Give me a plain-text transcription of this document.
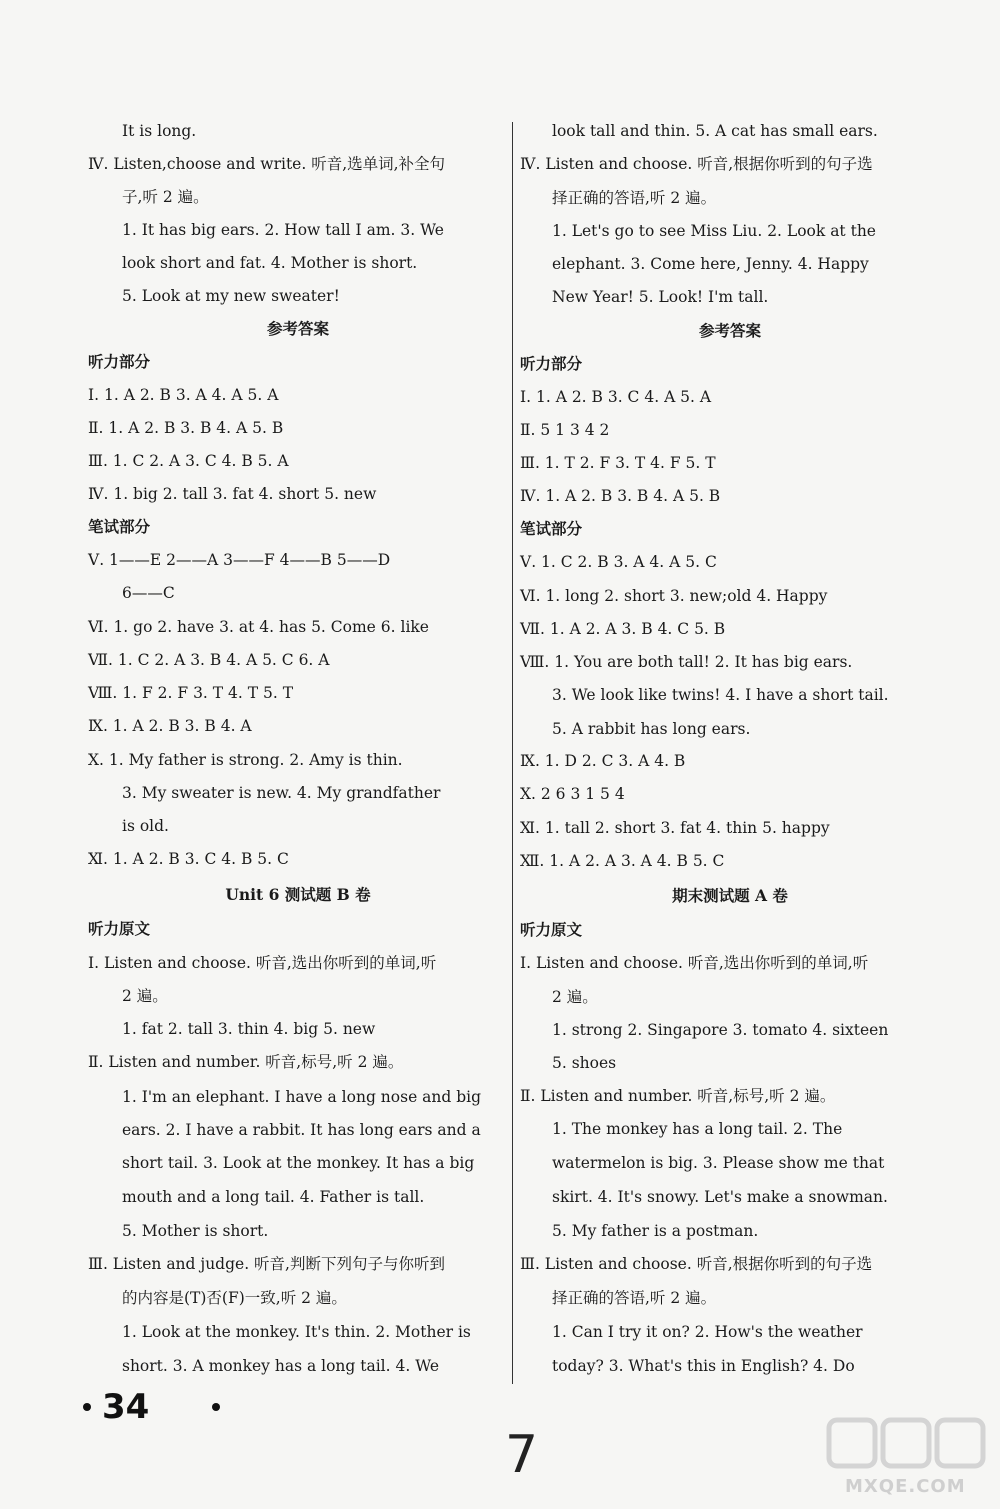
It is long.
Ⅳ. Listen,choose and write. 听音,选单词,补全句
子,听 2 遍。
1. It has big ears. 2. How tall I am. 3. We
look short and fat. 4. Mother is short.
5. Look at my new sweater!
参考答案
听力部分
Ⅰ. 1. A 2. B 3. A 4. A 5. A
Ⅱ. 1. A 2. B 3. B 4. A 5. B
Ⅲ. 1. C 2. A 3. C 4. B 5. A
Ⅳ. 1. big 2. tall 3. fat 4. short 5. new
笔试部分
Ⅴ. 1——E 2——A 3——F 4——B 5——D
6——C
Ⅵ. 1. go 2. have 3. at 4. has 5. Come 6. like
Ⅶ. 1. C 2. A 3. B 4. A 5. C 6. A
Ⅷ. 1. F 2. F 3. T 4. T 5. T
Ⅸ. 1. A 2. B 3. B 4. A
Ⅹ. 1. My father is strong. 2. Amy is thin.
3. My sweater is new. 4. My grandfather
is old.
Ⅺ. 1. A 2. B 3. C 4. B 5. C
Unit 6 测试题 B 卷
听力原文
Ⅰ. Listen and choose. 听音,选出你听到的单词,听
2 遍。
1. fat 2. tall 3. thin 4. big 5. new
Ⅱ. Listen and number. 听音,标号,听 2 遍。
1. I'm an elephant. I have a long nose and big
ears. 2. I have a rabbit. It has long ears and a
short tail. 3. Look at the monkey. It has a big
mouth and a long tail. 4. Father is tall.
5. Mother is short.
Ⅲ. Listen and judge. 听音,判断下列句子与你听到
的内容是(T)否(F)一致,听 2 遍。
1. Look at the monkey. It's thin. 2. Mother is
short. 3. A monkey has a long tail. 4. We
look tall and thin. 5. A cat has small ears.
Ⅳ. Listen and choose. 听音,根据你听到的句子选
择正确的答语,听 2 遍。
1. Let's go to see Miss Liu. 2. Look at the
elephant. 3. Come here, Jenny. 4. Happy
New Year! 5. Look! I'm tall.
参考答案
听力部分
Ⅰ. 1. A 2. B 3. C 4. A 5. A
Ⅱ. 5 1 3 4 2
Ⅲ. 1. T 2. F 3. T 4. F 5. T
Ⅳ. 1. A 2. B 3. B 4. A 5. B
笔试部分
Ⅴ. 1. C 2. B 3. A 4. A 5. C
Ⅵ. 1. long 2. short 3. new;old 4. Happy
Ⅶ. 1. A 2. A 3. B 4. C 5. B
Ⅷ. 1. You are both tall! 2. It has big ears.
3. We look like twins! 4. I have a short tail.
5. A rabbit has long ears.
Ⅸ. 1. D 2. C 3. A 4. B
Ⅹ. 2 6 3 1 5 4
Ⅺ. 1. tall 2. short 3. fat 4. thin 5. happy
Ⅻ. 1. A 2. A 3. A 4. B 5. C
期末测试题 A 卷
听力原文
Ⅰ. Listen and choose. 听音,选出你听到的单词,听
2 遍。
1. strong 2. Singapore 3. tomato 4. sixteen
5. shoes
Ⅱ. Listen and number. 听音,标号,听 2 遍。
1. The monkey has a long tail. 2. The
watermelon is big. 3. Please show me that
skirt. 4. It's snowy. Let's make a snowman.
5. My father is a postman.
Ⅲ. Listen and choose. 听音,根据你听到的句子选
择正确的答语,听 2 遍。
1. Can I try it on? 2. How's the weather
today? 3. What's this in English? 4. Do
34
7
MXQE.COM
